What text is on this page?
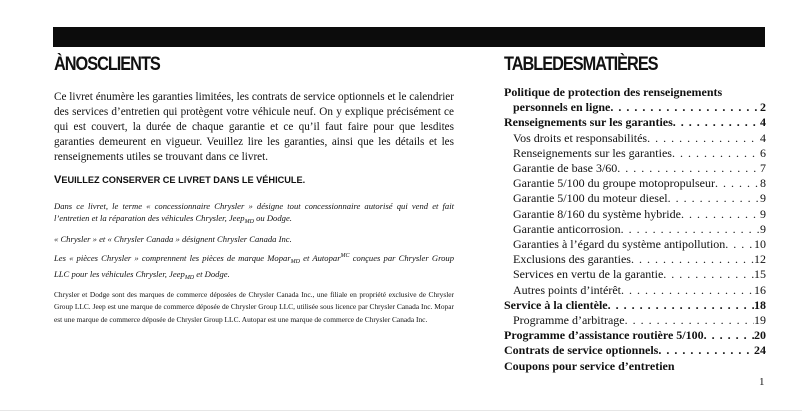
ÀNOSCLIENTS

Ce livret énumère les garanties limitées, les contrats de service optionnels et le calendrier des services d’entretien qui protègent votre véhicule neuf. On y explique précisément ce qui est couvert, la durée de chaque garantie et ce qu’il faut faire pour que lesdites garanties demeurent en vigueur. Veuillez lire les garanties, ainsi que les détails et les renseignements utiles se trouvant dans ce livret.

VEUILLEZ CONSERVER CE LIVRET DANS LE VÉHICULE.

Dans ce livret, le terme « concessionnaire Chrysler » désigne tout concessionnaire autorisé qui vend et fait l’entretien et la réparation des véhicules Chrysler, Jeep$_{MD}$ ou Dodge.

« Chrysler » et « Chrysler Canada » désignent Chrysler Canada Inc.

Les « pièces Chrysler » comprennent les pièces de marque Mopar$_{MD}$ et Autopar$^{MC}$ conçues par Chrysler Group LLC pour les véhicules Chrysler, Jeep$_{MD}$ et Dodge.

Chrysler et Dodge sont des marques de commerce déposées de Chrysler Canada Inc., une filiale en propriété exclusive de Chrysler Group LLC. Jeep est une marque de commerce déposée de Chrysler Group LLC, utilisée sous licence par Chrysler Canada Inc. Mopar est une marque de commerce déposée de Chrysler Group LLC. Autopar est une marque de commerce de Chrysler Canada Inc.

TABLEDESMATIÈRES
Politique de protection des renseignements
personnels en ligne . . .	2
Renseignements sur les garanties . . .	4
Vos droits et responsabilités . . .	4
Renseignements sur les garanties . . .	6
Garantie de base 3/60 . . .	7
Garantie 5/100 du groupe motopropulseur . . .	8
Garantie 5/100 du moteur diesel . . .	9
Garantie 8/160 du système hybride . . .	9
Garantie anticorrosion . . .	9
Garanties à l’égard du système antipollution . . . 10
Exclusions des garanties . . .	12
Services en vertu de la garantie . . .	15
Autres points d’intérêt . . .	16
Service à la clientèle . . .	18
Programme d’arbitrage . . .	19
Programme d’assistance routière 5/100 . . .	20
Contrats de service optionnels . . .	24
Coupons pour service d’entretien
1
